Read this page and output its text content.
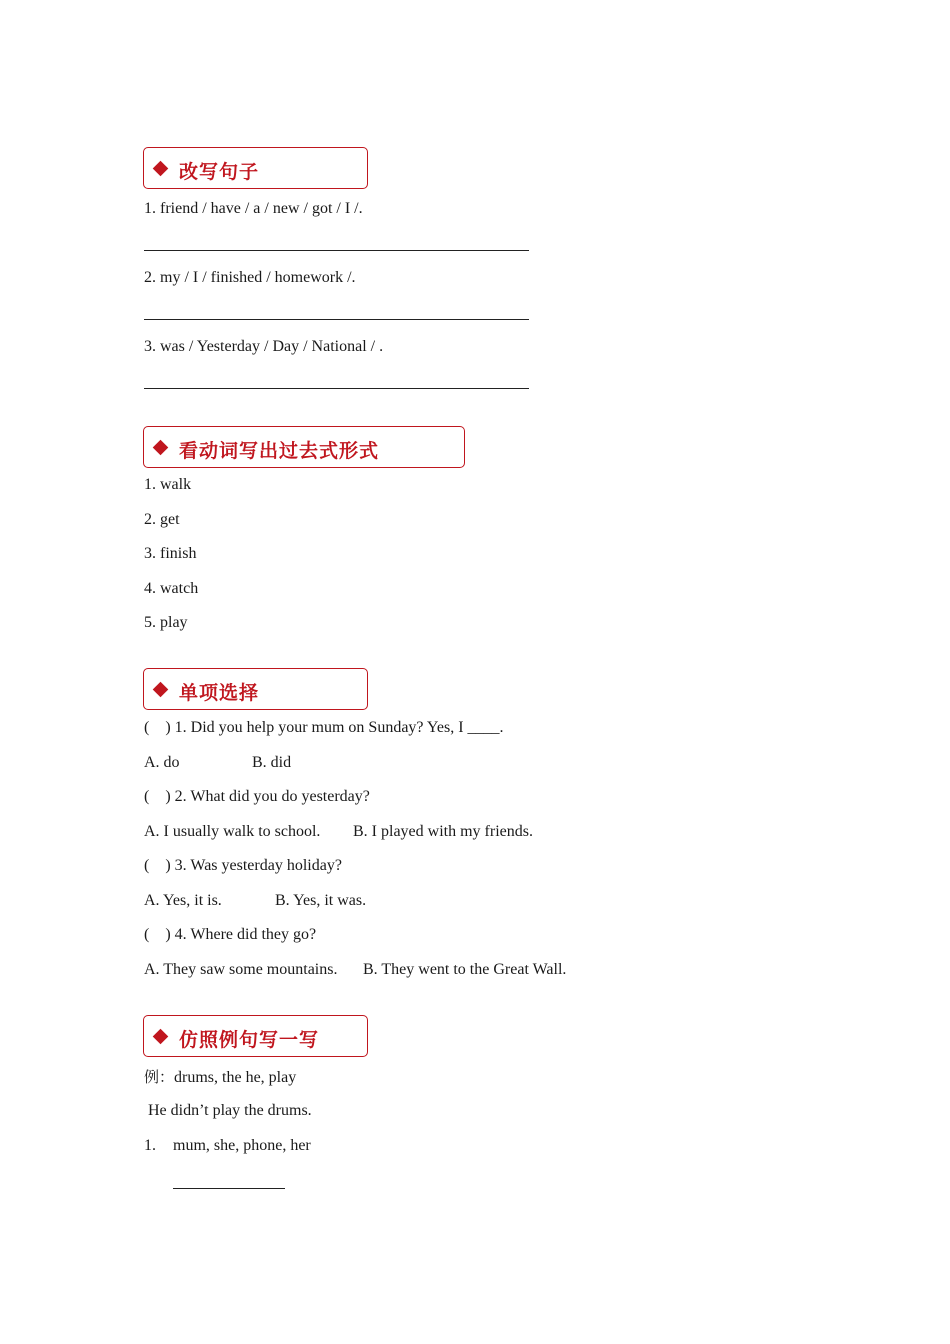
改写句子
1. friend / have / a / new / got / I /.
2. my / I / finished / homework /.
3. was / Yesterday / Day / National / .
看动词写出过去式形式
1. walk
2. get
3. finish
4. watch
5. play
单项选择
(    ) 1. Did you help your mum on Sunday? Yes, I ____.
A. do	B. did
(    ) 2. What did you do yesterday?
A. I usually walk to school. B. I played with my friends.
(    ) 3. Was yesterday holiday?
A. Yes, it is.	B. Yes, it was.
(    ) 4. Where did they go?
A. They saw some mountains. B. They went to the Great Wall.
仿照例句写一写
例：drums, the he, play
He didn’t play the drums.
1. mum, she, phone, her
